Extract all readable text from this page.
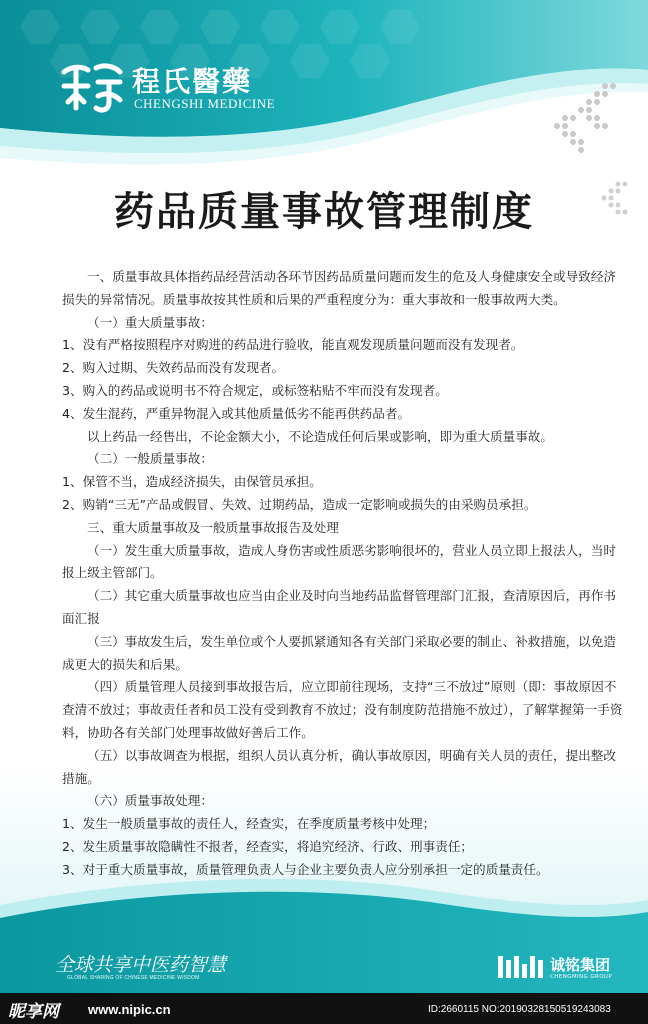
程氏醫藥
CHENGSHI MEDICINE
药品质量事故管理制度

一、质量事故具体指药品经营活动各环节因药品质量问题而发生的危及人身健康安全或导致经济损失的异常情况。质量事故按其性质和后果的严重程度分为：重大事故和一般事故两大类。

（一）重大质量事故：

1、没有严格按照程序对购进的药品进行验收，能直观发现质量问题而没有发现者。

2、购入过期、失效药品而没有发现者。

3、购入的药品或说明书不符合规定，或标签粘贴不牢而没有发现者。

4、发生混药，严重异物混入或其他质量低劣不能再供药品者。

以上药品一经售出，不论金额大小，不论造成任何后果或影响，即为重大质量事故。

（二）一般质量事故：

1、保管不当，造成经济损失，由保管员承担。

2、购销“三无”产品或假冒、失效、过期药品，造成一定影响或损失的由采购员承担。

三、重大质量事故及一般质量事故报告及处理

（一）发生重大质量事故，造成人身伤害或性质恶劣影响很坏的，营业人员立即上报法人，当时报上级主管部门。

（二）其它重大质量事故也应当由企业及时向当地药品监督管理部门汇报，查清原因后，再作书面汇报

（三）事故发生后，发生单位或个人要抓紧通知各有关部门采取必要的制止、补救措施，以免造成更大的损失和后果。

（四）质量管理人员接到事故报告后，应立即前往现场，支持“三不放过”原则（即：事故原因不查清不放过；事故责任者和员工没有受到教育不放过；没有制度防范措施不放过），了解掌握第一手资料，协助各有关部门处理事故做好善后工作。

（五）以事故调查为根据，组织人员认真分析，确认事故原因，明确有关人员的责任，提出整改措施。

（六）质量事故处理：

1、发生一般质量事故的责任人，经查实，在季度质量考核中处理；

2、发生质量事故隐瞒性不报者，经查实，将追究经济、行政、刑事责任；

3、对于重大质量事故，质量管理负责人与企业主要负责人应分别承担一定的质量责任。

全球共享中医药智慧
GLOBAL SHARING OF CHINESE MEDICINE WISDOM
诚铭集团
CHENGMING GROUP
昵享网 www.nipic.cn	ID:2660115 NO:20190328150519243083
